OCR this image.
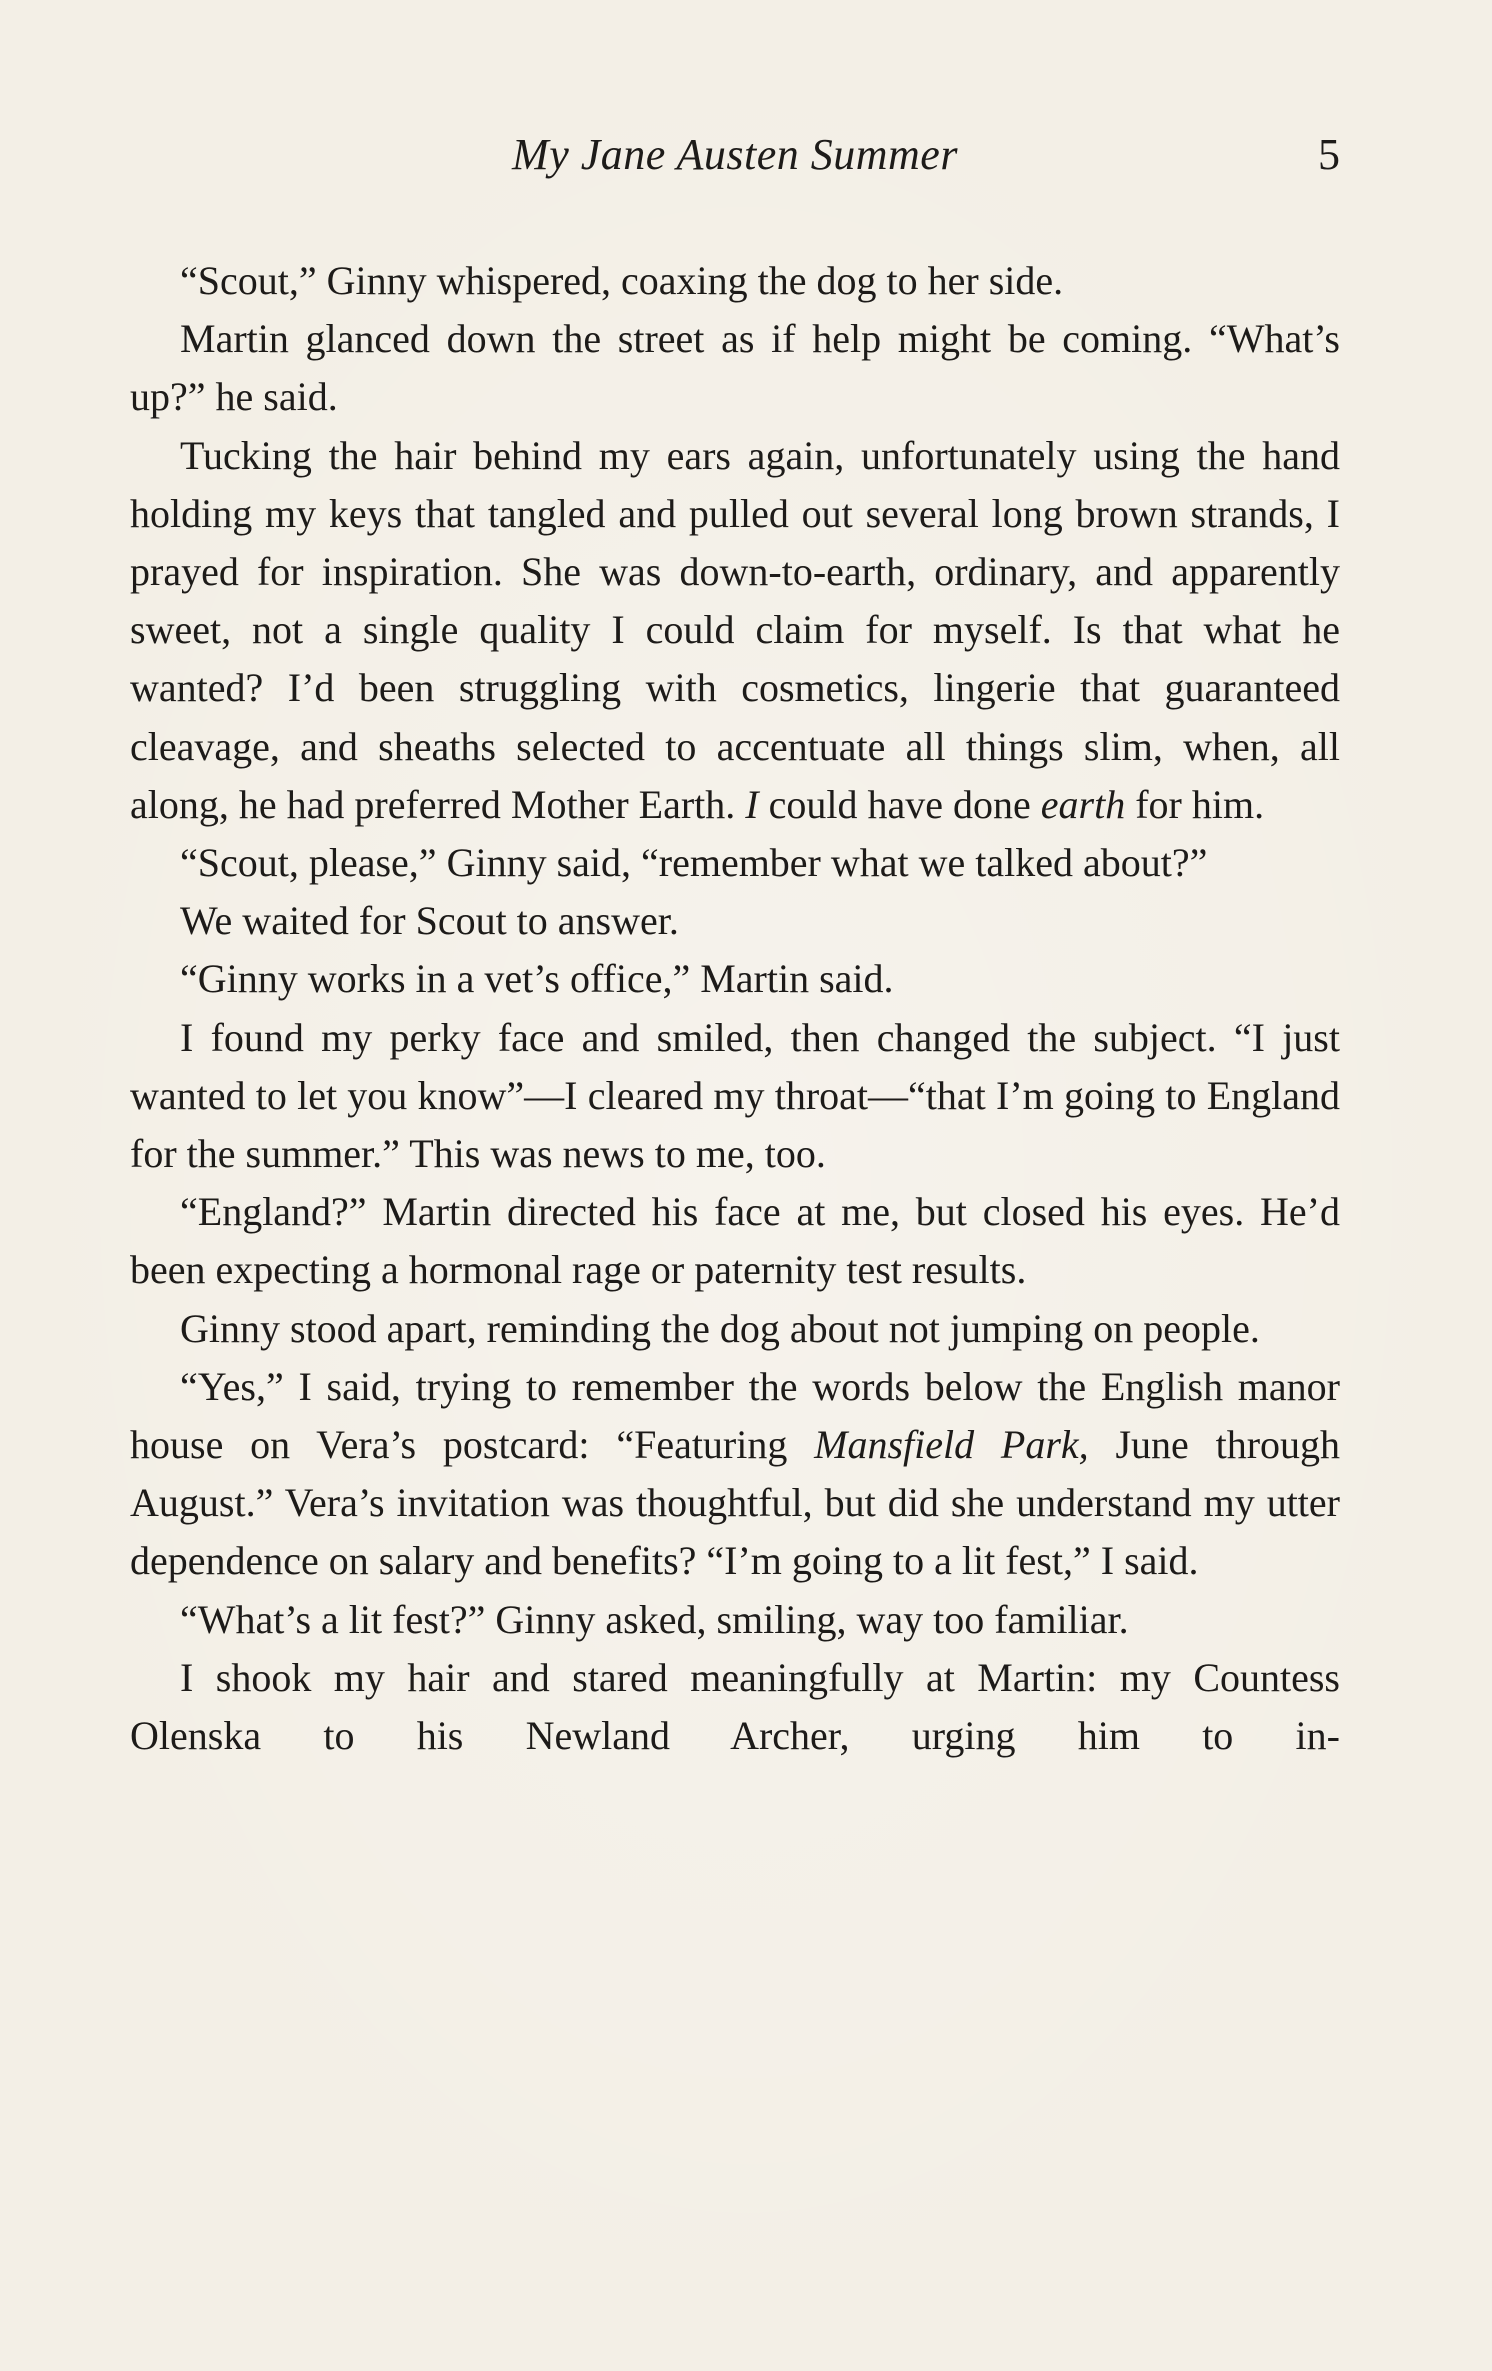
My Jane Austen Summer	5

“Scout,” Ginny whispered, coaxing the dog to her side.

Martin glanced down the street as if help might be coming. “What’s up?” he said.

Tucking the hair behind my ears again, unfortunately using the hand holding my keys that tangled and pulled out several long brown strands, I prayed for inspiration. She was down-to-earth, ordinary, and apparently sweet, not a single quality I could claim for myself. Is that what he wanted? I’d been struggling with cosmetics, lingerie that guaranteed cleavage, and sheaths selected to accentuate all things slim, when, all along, he had preferred Mother Earth. I could have done earth for him.

“Scout, please,” Ginny said, “remember what we talked about?”

We waited for Scout to answer.

“Ginny works in a vet’s office,” Martin said.

I found my perky face and smiled, then changed the subject. “I just wanted to let you know”—I cleared my throat—“that I’m going to England for the summer.” This was news to me, too.

“England?” Martin directed his face at me, but closed his eyes. He’d been expecting a hormonal rage or paternity test results.

Ginny stood apart, reminding the dog about not jumping on people.

“Yes,” I said, trying to remember the words below the English manor house on Vera’s postcard: “Featuring Mansfield Park, June through August.” Vera’s invitation was thoughtful, but did she understand my utter dependence on salary and benefits? “I’m going to a lit fest,” I said.

“What’s a lit fest?” Ginny asked, smiling, way too familiar.

I shook my hair and stared meaningfully at Martin: my Countess Olenska to his Newland Archer, urging him to in-
